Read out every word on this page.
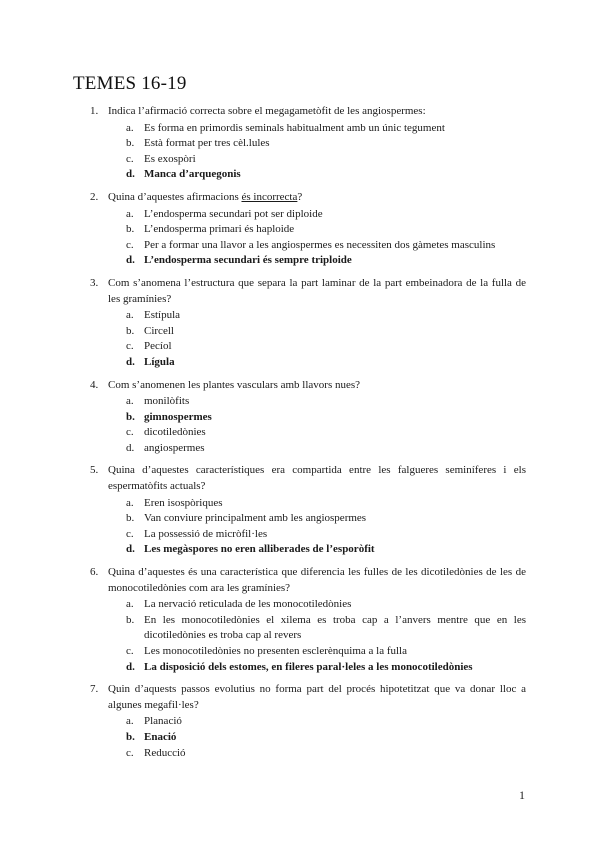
TEMES 16-19
1. Indica l’afirmació correcta sobre el megagametòfit de les angiospermes:
a. Es forma en primordis seminals habitualment amb un únic tegument
b. Està format per tres cèl.lules
c. Es exospòri
d. Manca d’arquegonis
2. Quina d’aquestes afirmacions és incorrecta?
a. L’endosperma secundari pot ser diploide
b. L’endosperma primari és haploide
c. Per a formar una llavor a les angiospermes es necessiten dos gàmetes masculins
d. L’endosperma secundari és sempre triploide
3. Com s’anomena l’estructura que separa la part laminar de la part embeinadora de la fulla de les gramínies?
a. Estípula
b. Circell
c. Pecíol
d. Lígula
4. Com s’anomenen les plantes vasculars amb llavors nues?
a. monilòfits
b. gimnospermes
c. dicotiledònies
d. angiospermes
5. Quina d’aquestes característiques era compartida entre les falgueres seminíferes i els espermatòfits actuals?
a. Eren isospòriques
b. Van conviure principalment amb les angiospermes
c. La possessió de micròfil·les
d. Les megàspores no eren alliberades de l’esporòfit
6. Quina d’aquestes és una característica que diferencia les fulles de les dicotiledònies de les de monocotiledònies com ara les gramínies?
a. La nervació reticulada de les monocotiledònies
b. En les monocotiledònies el xilema es troba cap a l’anvers mentre que en les dicotiledònies es troba cap al revers
c. Les monocotiledònies no presenten esclerènquima a la fulla
d. La disposició dels estomes, en fileres paral·leles a les monocotiledònies
7. Quin d’aquests passos evolutius no forma part del procés hipotetitzat que va donar lloc a algunes megafil·les?
a. Planació
b. Enació
c. Reducció
1
